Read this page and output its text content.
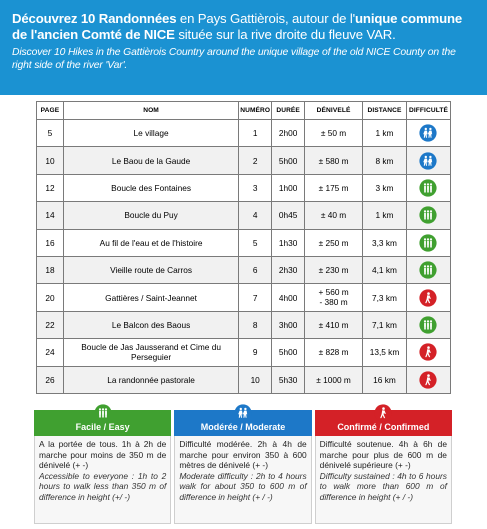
Découvrez 10 Randonnées en Pays Gattièrois, autour de l'unique commune
de l'ancien Comté de NICE située sur la rive droite du fleuve VAR.
Discover 10 Hikes in the Gattièrois Country around the unique village of the old NICE County on the right side of the river 'Var'.
PAGE	NOM	NUMÉRO	DURÉE	DÉNIVELÉ	DISTANCE	DIFFICULTÉ
5	Le village	1	2h00	± 50 m	1 km	

10	Le Baou de la Gaude	2	5h00	± 580 m	8 km	

12	Boucle des Fontaines	3	1h00	± 175 m	3 km	

14	Boucle du Puy	4	0h45	± 40 m	1 km	

16	Au fil de l'eau et de l'histoire	5	1h30	± 250 m	3,3 km	

18	Vieille route de Carros	6	2h30	± 230 m	4,1 km	

20	Gattières / Saint-Jeannet	7	4h00	+ 560 m
- 380 m	7,3 km	

22	Le Balcon des Baous	8	3h00	± 410 m	7,1 km	

24	Boucle de Jas Jausserand et Cime du Perseguier	9	5h00	± 828 m	13,5 km	

26	La randonnée pastorale	10	5h30	± 1000 m	16 km	
Facile / Easy
A la portée de tous. 1h à 2h de marche pour moins de 350 m de dénivelé (+ -)
Accessible to everyone : 1h to 2 hours to walk less than 350 m of difference in height (+/ -)
Modérée / Moderate
Difficulté modérée. 2h à 4h de marche pour environ 350 à 600 mètres de dénivelé (+ -)
Moderate difficulty : 2h to 4 hours walk for about 350 to 600 m of difference in height (+ / -)
Confirmé / Confirmed
Difficulté soutenue. 4h à 6h de marche pour plus de 600 m de dénivelé supérieure (+ -)
Difficulty sustained : 4h to 6 hours to walk more than 600 m of difference in height (+ / -)
